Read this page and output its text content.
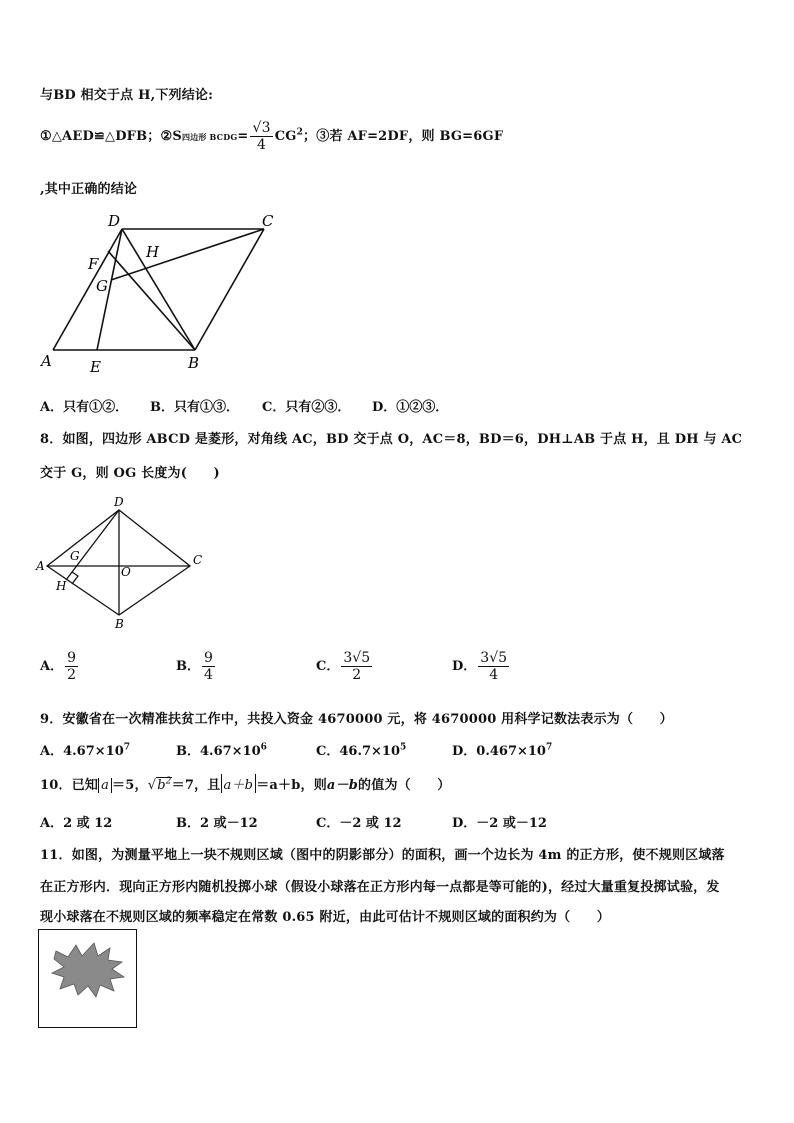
与BD 相交于点 H,下列结论:
①△AED≌△DFB；②S四边形 BCDG= $\frac{√3}{4} CG^2$；③若 AF=2DF，则 BG=6GF
,其中正确的结论
D	C
F
H
G
A	E	B
A．只有①②． B．只有①③． C．只有②③． D．①②③．
8．如图，四边形 ABCD 是菱形，对角线 AC，BD 交于点 O，AC＝8，BD＝6，DH⊥AB 于点 H，且 DH 与 AC
交于 G，则 OG 长度为(　　)
D
G
A	O
C
H
B
A． $\frac{9}{2}$	B． $\frac{9}{4}$	C． $\frac{3√5}{2}$	D． $\frac{3√5}{4}$
9．安徽省在一次精准扶贫工作中，共投入资金 4670000 元，将 4670000 用科学记数法表示为（　　）
A．$4.67\times 10^7$	B．$4.67\times 10^6$	C．$46.7\times 10^5$	D．$0.467\times 10^7$
10．已知 a ＝5，$√b^2=7$，且 a＋b ＝a＋b，则a－b的值为（　　）
A．2 或 12	B．2 或－12	C．－2 或 12	D．－2 或－12
11．如图，为测量平地上一块不规则区域（图中的阴影部分）的面积，画一个边长为 4m 的正方形，使不规则区域落
在正方形内．现向正方形内随机投掷小球（假设小球落在正方形内每一点都是等可能的)，经过大量重复投掷试验，发
现小球落在不规则区域的频率稳定在常数 0.65 附近，由此可估计不规则区域的面积约为（　　）
